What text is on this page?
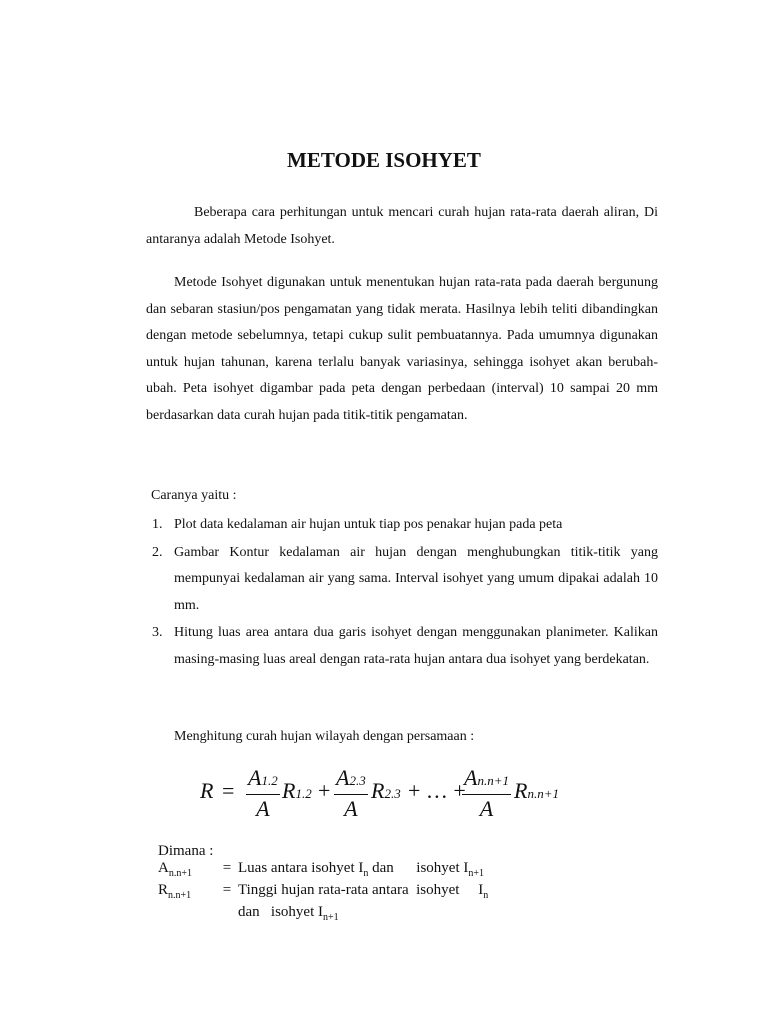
METODE ISOHYET

Beberapa cara perhitungan untuk mencari curah hujan rata-rata daerah aliran, Di antaranya adalah Metode Isohyet.

Metode Isohyet digunakan untuk menentukan hujan rata-rata pada daerah bergunung dan sebaran stasiun/pos pengamatan yang tidak merata. Hasilnya lebih teliti dibandingkan dengan metode sebelumnya, tetapi cukup sulit pembuatannya. Pada umumnya digunakan untuk hujan tahunan, karena terlalu banyak variasinya, sehingga isohyet akan berubah-ubah. Peta isohyet digambar pada peta dengan perbedaan (interval) 10 sampai 20 mm berdasarkan data curah hujan pada titik-titik pengamatan.

Caranya yaitu :
1. Plot data kedalaman air hujan untuk tiap pos penakar hujan pada peta
2. Gambar Kontur kedalaman air hujan dengan menghubungkan titik-titik yang mempunyai kedalaman air yang sama. Interval isohyet yang umum dipakai adalah 10 mm.
3. Hitung luas area antara dua garis isohyet dengan menggunakan planimeter. Kalikan masing-masing luas areal dengan rata-rata hujan antara dua isohyet yang berdekatan.
Menghitung curah hujan wilayah dengan persamaan :
$R = \frac{A1.2}{A} R1.2 + \frac{A2.3}{A} R2.3$ + … +
$\frac{An.n+1}{A} Rn.n+1$
Dimana :
$A_{n.n+1}$	= Luas antara isohyet $I_n$ dan      isohyet $I_{n+1}$
$R_{n.n+1}$	= Tinggi hujan rata-rata antara  isohyet     $I_n$
dan   isohyet $I_{n+1}$
